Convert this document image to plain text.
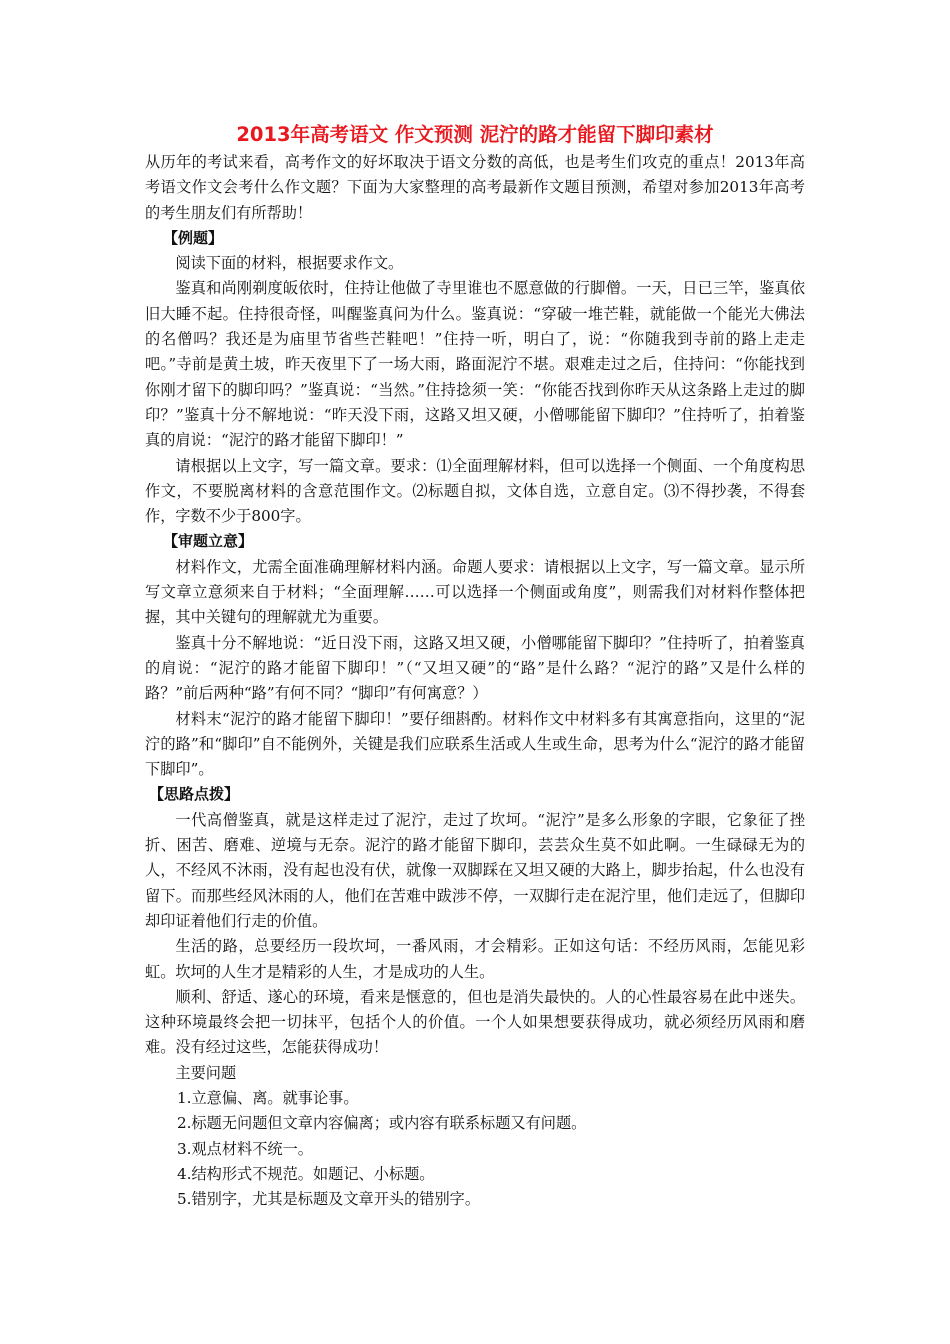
2013年高考语文 作文预测 泥泞的路才能留下脚印素材

从历年的考试来看，高考作文的好坏取决于语文分数的高低，也是考生们攻克的重点！2013年高考语文作文会考什么作文题？下面为大家整理的高考最新作文题目预测，希望对参加2013年高考的考生朋友们有所帮助！

【例题】

阅读下面的材料，根据要求作文。

鉴真和尚刚剃度皈依时，住持让他做了寺里谁也不愿意做的行脚僧。一天，日已三竿，鉴真依旧大睡不起。住持很奇怪，叫醒鉴真问为什么。鉴真说：“穿破一堆芒鞋，就能做一个能光大佛法的名僧吗？我还是为庙里节省些芒鞋吧！”住持一听，明白了，说：“你随我到寺前的路上走走吧。”寺前是黄土坡，昨天夜里下了一场大雨，路面泥泞不堪。艰难走过之后，住持问：“你能找到你刚才留下的脚印吗？”鉴真说：“当然。”住持捻须一笑：“你能否找到你昨天从这条路上走过的脚印？”鉴真十分不解地说：“昨天没下雨，这路又坦又硬，小僧哪能留下脚印？”住持听了，拍着鉴真的肩说：“泥泞的路才能留下脚印！”

请根据以上文字，写一篇文章。要求：⑴全面理解材料，但可以选择一个侧面、一个角度构思作文，不要脱离材料的含意范围作文。⑵标题自拟，文体自选，立意自定。⑶不得抄袭，不得套作，字数不少于800字。

【审题立意】

材料作文，尤需全面准确理解材料内涵。命题人要求：请根据以上文字，写一篇文章。显示所写文章立意须来自于材料；“全面理解……可以选择一个侧面或角度”，则需我们对材料作整体把握，其中关键句的理解就尤为重要。

鉴真十分不解地说：“近日没下雨，这路又坦又硬，小僧哪能留下脚印？”住持听了，拍着鉴真的肩说：“泥泞的路才能留下脚印！”（“又坦又硬”的“路”是什么路？“泥泞的路”又是什么样的路？”前后两种“路”有何不同？“脚印”有何寓意？）

材料末“泥泞的路才能留下脚印！”要仔细斟酌。材料作文中材料多有其寓意指向，这里的“泥泞的路”和“脚印”自不能例外，关键是我们应联系生活或人生或生命，思考为什么“泥泞的路才能留下脚印”。

【思路点拨】

一代高僧鉴真，就是这样走过了泥泞，走过了坎坷。“泥泞”是多么形象的字眼，它象征了挫折、困苦、磨难、逆境与无奈。泥泞的路才能留下脚印，芸芸众生莫不如此啊。一生碌碌无为的人，不经风不沐雨，没有起也没有伏，就像一双脚踩在又坦又硬的大路上，脚步抬起，什么也没有留下。而那些经风沐雨的人，他们在苦难中跋涉不停，一双脚行走在泥泞里，他们走远了，但脚印却印证着他们行走的价值。

生活的路，总要经历一段坎坷，一番风雨，才会精彩。正如这句话：不经历风雨，怎能见彩虹。坎坷的人生才是精彩的人生，才是成功的人生。

顺利、舒适、遂心的环境，看来是惬意的，但也是消失最快的。人的心性最容易在此中迷失。这种环境最终会把一切抹平，包括个人的价值。一个人如果想要获得成功，就必须经历风雨和磨难。没有经过这些，怎能获得成功！

主要问题

1.立意偏、离。就事论事。

2.标题无问题但文章内容偏离；或内容有联系标题又有问题。

3.观点材料不统一。

4.结构形式不规范。如题记、小标题。

5.错别字，尤其是标题及文章开头的错别字。
